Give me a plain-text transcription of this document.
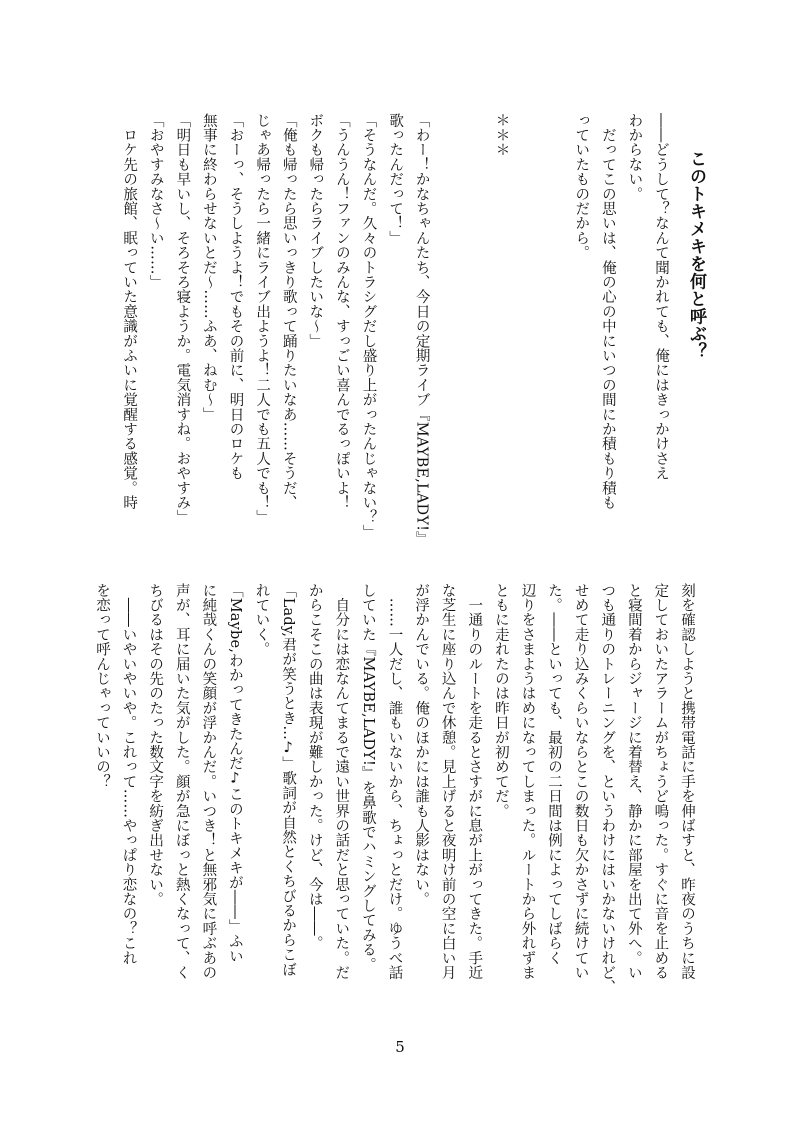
このトキメキを何と呼ぶ？
――どうして？なんて聞かれても、俺にはきっかけさえ
わからない。
　だってこの思いは、俺の心の中にいつの間にか積もり積も
っていたものだから。

＊＊＊

「わー！かなちゃんたち、今日の定期ライブ『MAYBE,LADY!』
歌ったんだって！」
「そうなんだ。久々のトラシグだし盛り上がったんじゃない？」
「うんうん！ファンのみんな、すっごい喜んでるっぽいよ！
ボクも帰ったらライブしたいな～」
「俺も帰ったら思いっきり歌って踊りたいなあ……そうだ、
じゃあ帰ったら一緒にライブ出ようよ！二人でも五人でも！」
「おーっ、そうしようよ！でもその前に、明日のロケも
無事に終わらせないとだ～……ふあ、ねむ～」
「明日も早いし、そろそろ寝ようか。電気消すね。おやすみ」
「おやすみなさ～い……」
　ロケ先の旅館、眠っていた意識がふいに覚醒する感覚。時
刻を確認しようと携帯電話に手を伸ばすと、昨夜のうちに設
定しておいたアラームがちょうど鳴った。すぐに音を止める
と寝間着からジャージに着替え、静かに部屋を出て外へ。い
つも通りのトレーニングを、というわけにはいかないけれど、
せめて走り込みくらいならとこの数日も欠かさずに続けてい
た。――といっても、最初の二日間は例によってしばらく
辺りをさまようはめになってしまった。ルートから外れずま
ともに走れたのは昨日が初めてだ。
　一通りのルートを走るとさすがに息が上がってきた。手近
な芝生に座り込んで休憩。見上げると夜明け前の空に白い月
が浮かんでいる。俺のほかには誰も人影はない。
　……一人だし、誰もいないから、ちょっとだけ。ゆうべ話
していた『MAYBE,LADY!』を鼻歌でハミングしてみる。
　自分には恋なんてまるで遠い世界の話だと思っていた。だ
からこそこの曲は表現が難しかった。けど、今は――。
「Lady,君が笑うとき…♪」歌詞が自然とくちびるからこぼ
れていく。
「Maybe,わかってきたんだ♪このトキメキが――」ふい
に純哉くんの笑顔が浮かんだ。いつき！と無邪気に呼ぶあの
声が、耳に届いた気がした。顔が急にぼっと熱くなって、く
ちびるはその先のたった数文字を紡ぎ出せない。
　――いやいやいや。これって……やっぱり恋なの？これ
を恋って呼んじゃっていいの？
5
